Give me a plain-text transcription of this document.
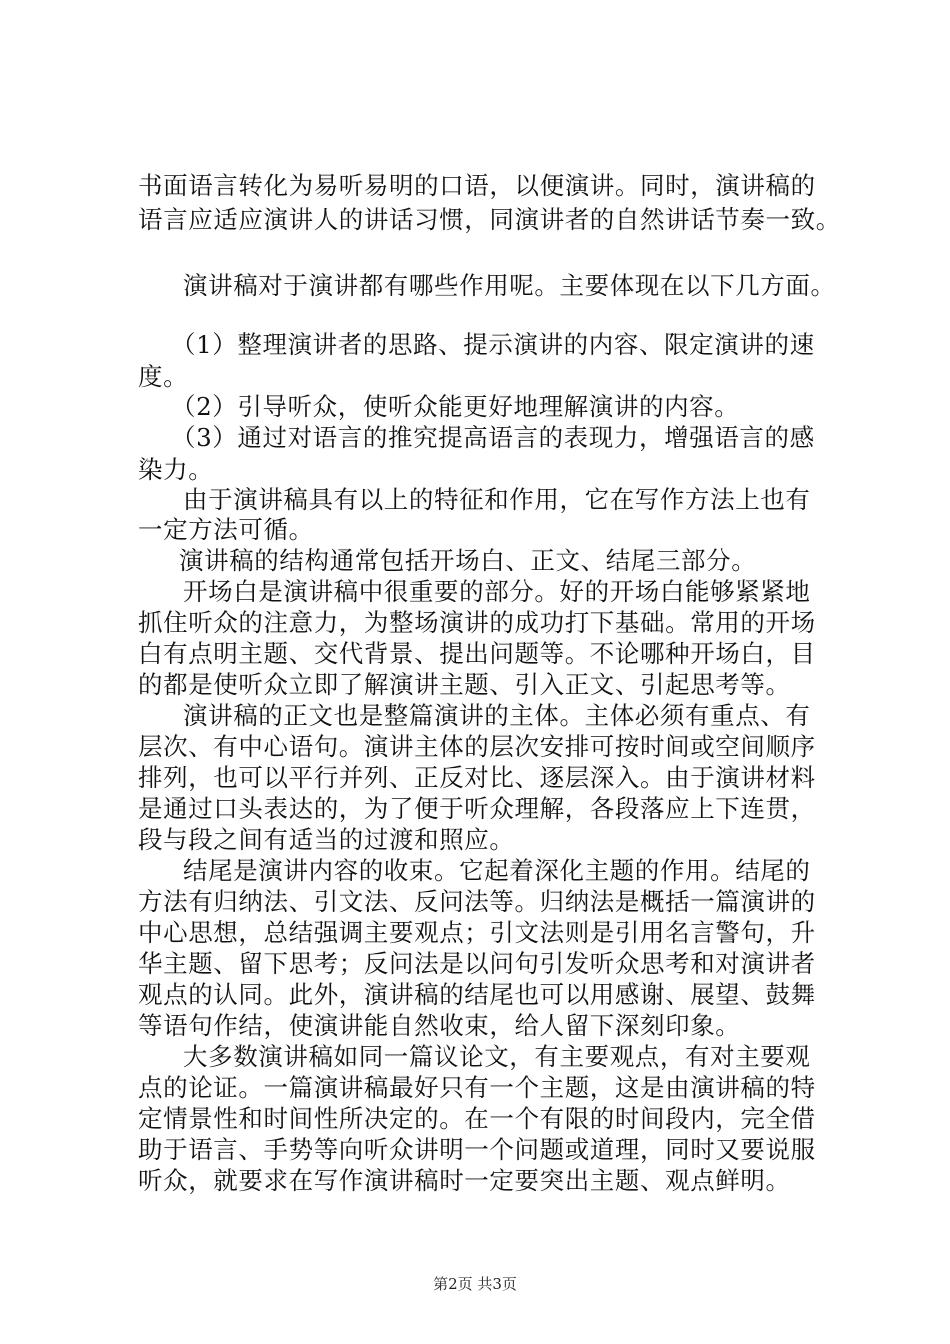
书面语言转化为易听易明的口语，以便演讲。同时，演讲稿的
语言应适应演讲人的讲话习惯，同演讲者的自然讲话节奏一致。
演讲稿对于演讲都有哪些作用呢。主要体现在以下几方面。
（1）整理演讲者的思路、提示演讲的内容、限定演讲的速
度。
（2）引导听众，使听众能更好地理解演讲的内容。
（3）通过对语言的推究提高语言的表现力，增强语言的感
染力。
由于演讲稿具有以上的特征和作用，它在写作方法上也有
一定方法可循。
演讲稿的结构通常包括开场白、正文、结尾三部分。
开场白是演讲稿中很重要的部分。好的开场白能够紧紧地
抓住听众的注意力，为整场演讲的成功打下基础。常用的开场
白有点明主题、交代背景、提出问题等。不论哪种开场白，目
的都是使听众立即了解演讲主题、引入正文、引起思考等。
演讲稿的正文也是整篇演讲的主体。主体必须有重点、有
层次、有中心语句。演讲主体的层次安排可按时间或空间顺序
排列，也可以平行并列、正反对比、逐层深入。由于演讲材料
是通过口头表达的，为了便于听众理解，各段落应上下连贯，
段与段之间有适当的过渡和照应。
结尾是演讲内容的收束。它起着深化主题的作用。结尾的
方法有归纳法、引文法、反问法等。归纳法是概括一篇演讲的
中心思想，总结强调主要观点；引文法则是引用名言警句，升
华主题、留下思考；反问法是以问句引发听众思考和对演讲者
观点的认同。此外，演讲稿的结尾也可以用感谢、展望、鼓舞
等语句作结，使演讲能自然收束，给人留下深刻印象。
大多数演讲稿如同一篇议论文，有主要观点，有对主要观
点的论证。一篇演讲稿最好只有一个主题，这是由演讲稿的特
定情景性和时间性所决定的。在一个有限的时间段内，完全借
助于语言、手势等向听众讲明一个问题或道理，同时又要说服
听众，就要求在写作演讲稿时一定要突出主题、观点鲜明。
第2页 共3页
